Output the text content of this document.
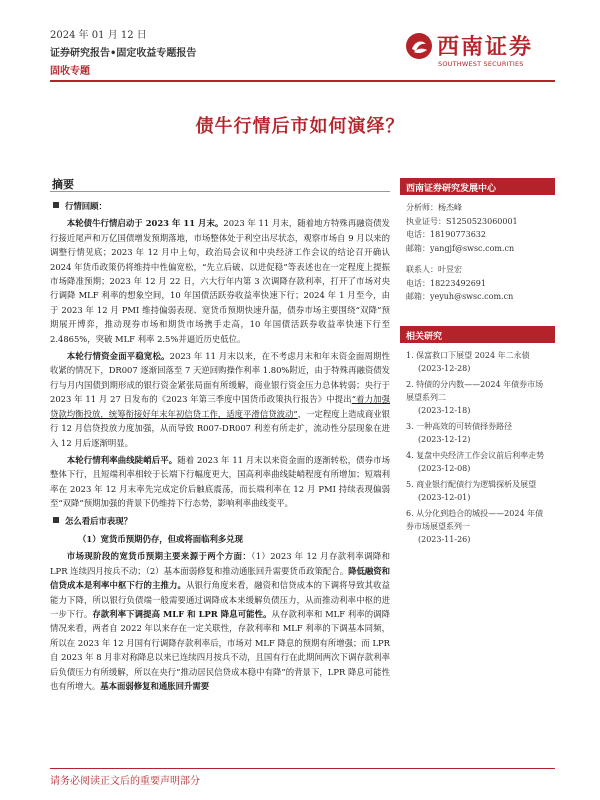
2024 年 01 月 12 日
证券研究报告•固定收益专题报告
固收专题
西南证券
SOUTHWEST SECURITIES
债牛行情后市如何演绎？
摘要
行情回顾：

本轮债牛行情启动于 2023 年 11 月末。2023 年 11 月末，随着地方特殊再融资债发行接近尾声和万亿国债增发预期落地，市场整体处于利空出尽状态，观察市场自 9 月以来的调整行情见底；2023 年 12 月中上旬，政治局会议和中央经济工作会议的结论召开确认 2024 年货币政策仍将维持中性偏宽松，“先立后破、以进促稳”等表述也在一定程度上提振市场降准预期；2023 年 12 月 22 日，六大行年内第 3 次调降存款利率，打开了市场对央行调降 MLF 利率的想象空间，10 年国债活跃券收益率快速下行；2024 年 1 月至今，由于 2023 年 12 月 PMI 维持偏弱表现、宽货币预期快速升温，债券市场主要围绕“双降”预期展开博弈，推动现券市场和期货市场携手走高，10 年国债活跃券收益率快速下行至 2.4865%，突破 MLF 利率 2.5%并逼近历史低位。

本轮行情资金面平稳宽松。2023 年 11 月末以来，在不考虑月末和年末资金面周期性收紧的情况下，DR007 逐渐回落至 7 天逆回购操作利率 1.80%附近，由于特殊再融资债发行与月内国债到期形成的银行资金紧张局面有所缓解，商业银行资金压力总体转弱；央行于 2023 年 11 月 27 日发布的《2023 年第三季度中国货币政策执行报告》中提出“着力加强贷款均衡投放，统筹衔接好年末年初信贷工作，适度平滑信贷波动”，一定程度上造成商业银行 12 月信贷投放力度加强，从而导致 R007-DR007 利差有所走扩，流动性分层现象在进入 12 月后逐渐明显。

本轮行情利率曲线陡峭后平。随着 2023 年 11 月末以来资金面的逐渐转松，债券市场整体下行，且短端利率相较于长端下行幅度更大，国高利率曲线陡峭程度有所增加；短端利率在 2023 年 12 月末率先完成定价后触底震荡，而长端利率在 12 月 PMI 持续表现偏弱至“双降”预期加强的背景下仍维持下行态势，影响利率曲线变平。

怎么看后市表现？
（1）宽货币预期仍存，但或将面临利多兑现

市场现阶段的宽货币预期主要来源于两个方面：（1）2023 年 12 月存款利率调降和 LPR 连续四月按兵不动；（2）基本面弱修复和推动通胀回升需要货币政策配合。降低融资和信贷成本是利率中枢下行的主推力。从银行角度来看，融资和信贷成本的下调将导致其收益能力下降，所以银行负债端一般需要通过调降成本来缓解负债压力，从而推动利率中枢的进一步下行。存款利率下调提高 MLF 和 LPR 降息可能性。从存款利率和 MLF 利率的调降情况来看，两者自 2022 年以来存在一定关联性，存款利率和 MLF 利率的下调基本同频，所以在 2023 年 12 月国有行调降存款利率后，市场对 MLF 降息的预期有所增强；而 LPR 自 2023 年 8 月非对称降息以来已连续四月按兵不动，且国有行在此期间两次下调存款利率后负债压力有所缓解，所以在央行“推动居民信贷成本稳中有降”的背景下，LPR 降息可能性也有所增大。基本面弱修复和通胀回升需要

西南证券研究发展中心
分析师：杨杰峰
执业证号：S1250523060001
电话：18190773632
邮箱：yangjf@swsc.com.cn
联系人：叶昱宏
电话：18223492691
邮箱：yeyuh@swsc.com.cn
相关研究
1. 保富救口下展望 2024 年二永债
(2023-12-28)
2. 特债的分内数——2024 年债券市场展望系列二
(2023-12-18)
3. 一种高效的可转债择券路径
(2023-12-12)
4. 复盘中央经济工作会议前后利率走势
(2023-12-08)
5. 商业银行配债行为逻辑探析及展望
(2023-12-01)
6. 从分化到趋合的城投——2024 年债券市场展望系列一
(2023-11-26)
请务必阅读正文后的重要声明部分
